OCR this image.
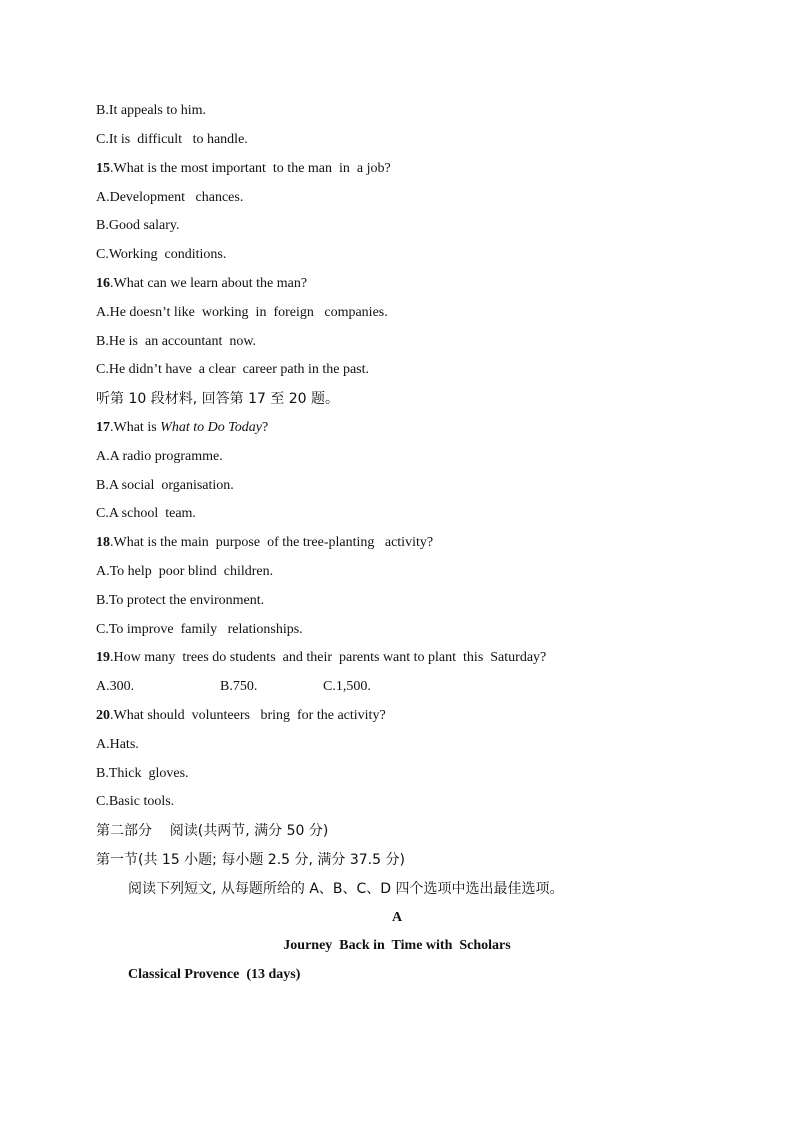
B.It appeals to him.
C.It is  difficult   to handle.
15.What is the most important  to the man  in  a job?
A.Development   chances.
B.Good salary.
C.Working  conditions.
16.What can we learn about the man?
A.He doesn’t like  working  in  foreign   companies.
B.He is  an accountant  now.
C.He didn’t have  a clear  career path in the past.
听第 10 段材料, 回答第 17 至 20 题。
17.What is What to Do Today?
A.A radio programme.
B.A social  organisation.
C.A school  team.
18.What is the main  purpose  of the tree-planting   activity?
A.To help  poor blind  children.
B.To protect the environment.
C.To improve  family   relationships.
19.How many  trees do students  and their  parents want to plant  this  Saturday?
A.300.	B.750.	C.1,500.
20.What should  volunteers   bring  for the activity?
A.Hats.
B.Thick  gloves.
C.Basic tools.
第二部分    阅读(共两节, 满分 50 分)
第一节(共 15 小题; 每小题 2.5 分, 满分 37.5 分)
阅读下列短文, 从每题所给的 A、B、C、D 四个选项中选出最佳选项。
A
Journey  Back in  Time with  Scholars
Classical Provence  (13 days)
